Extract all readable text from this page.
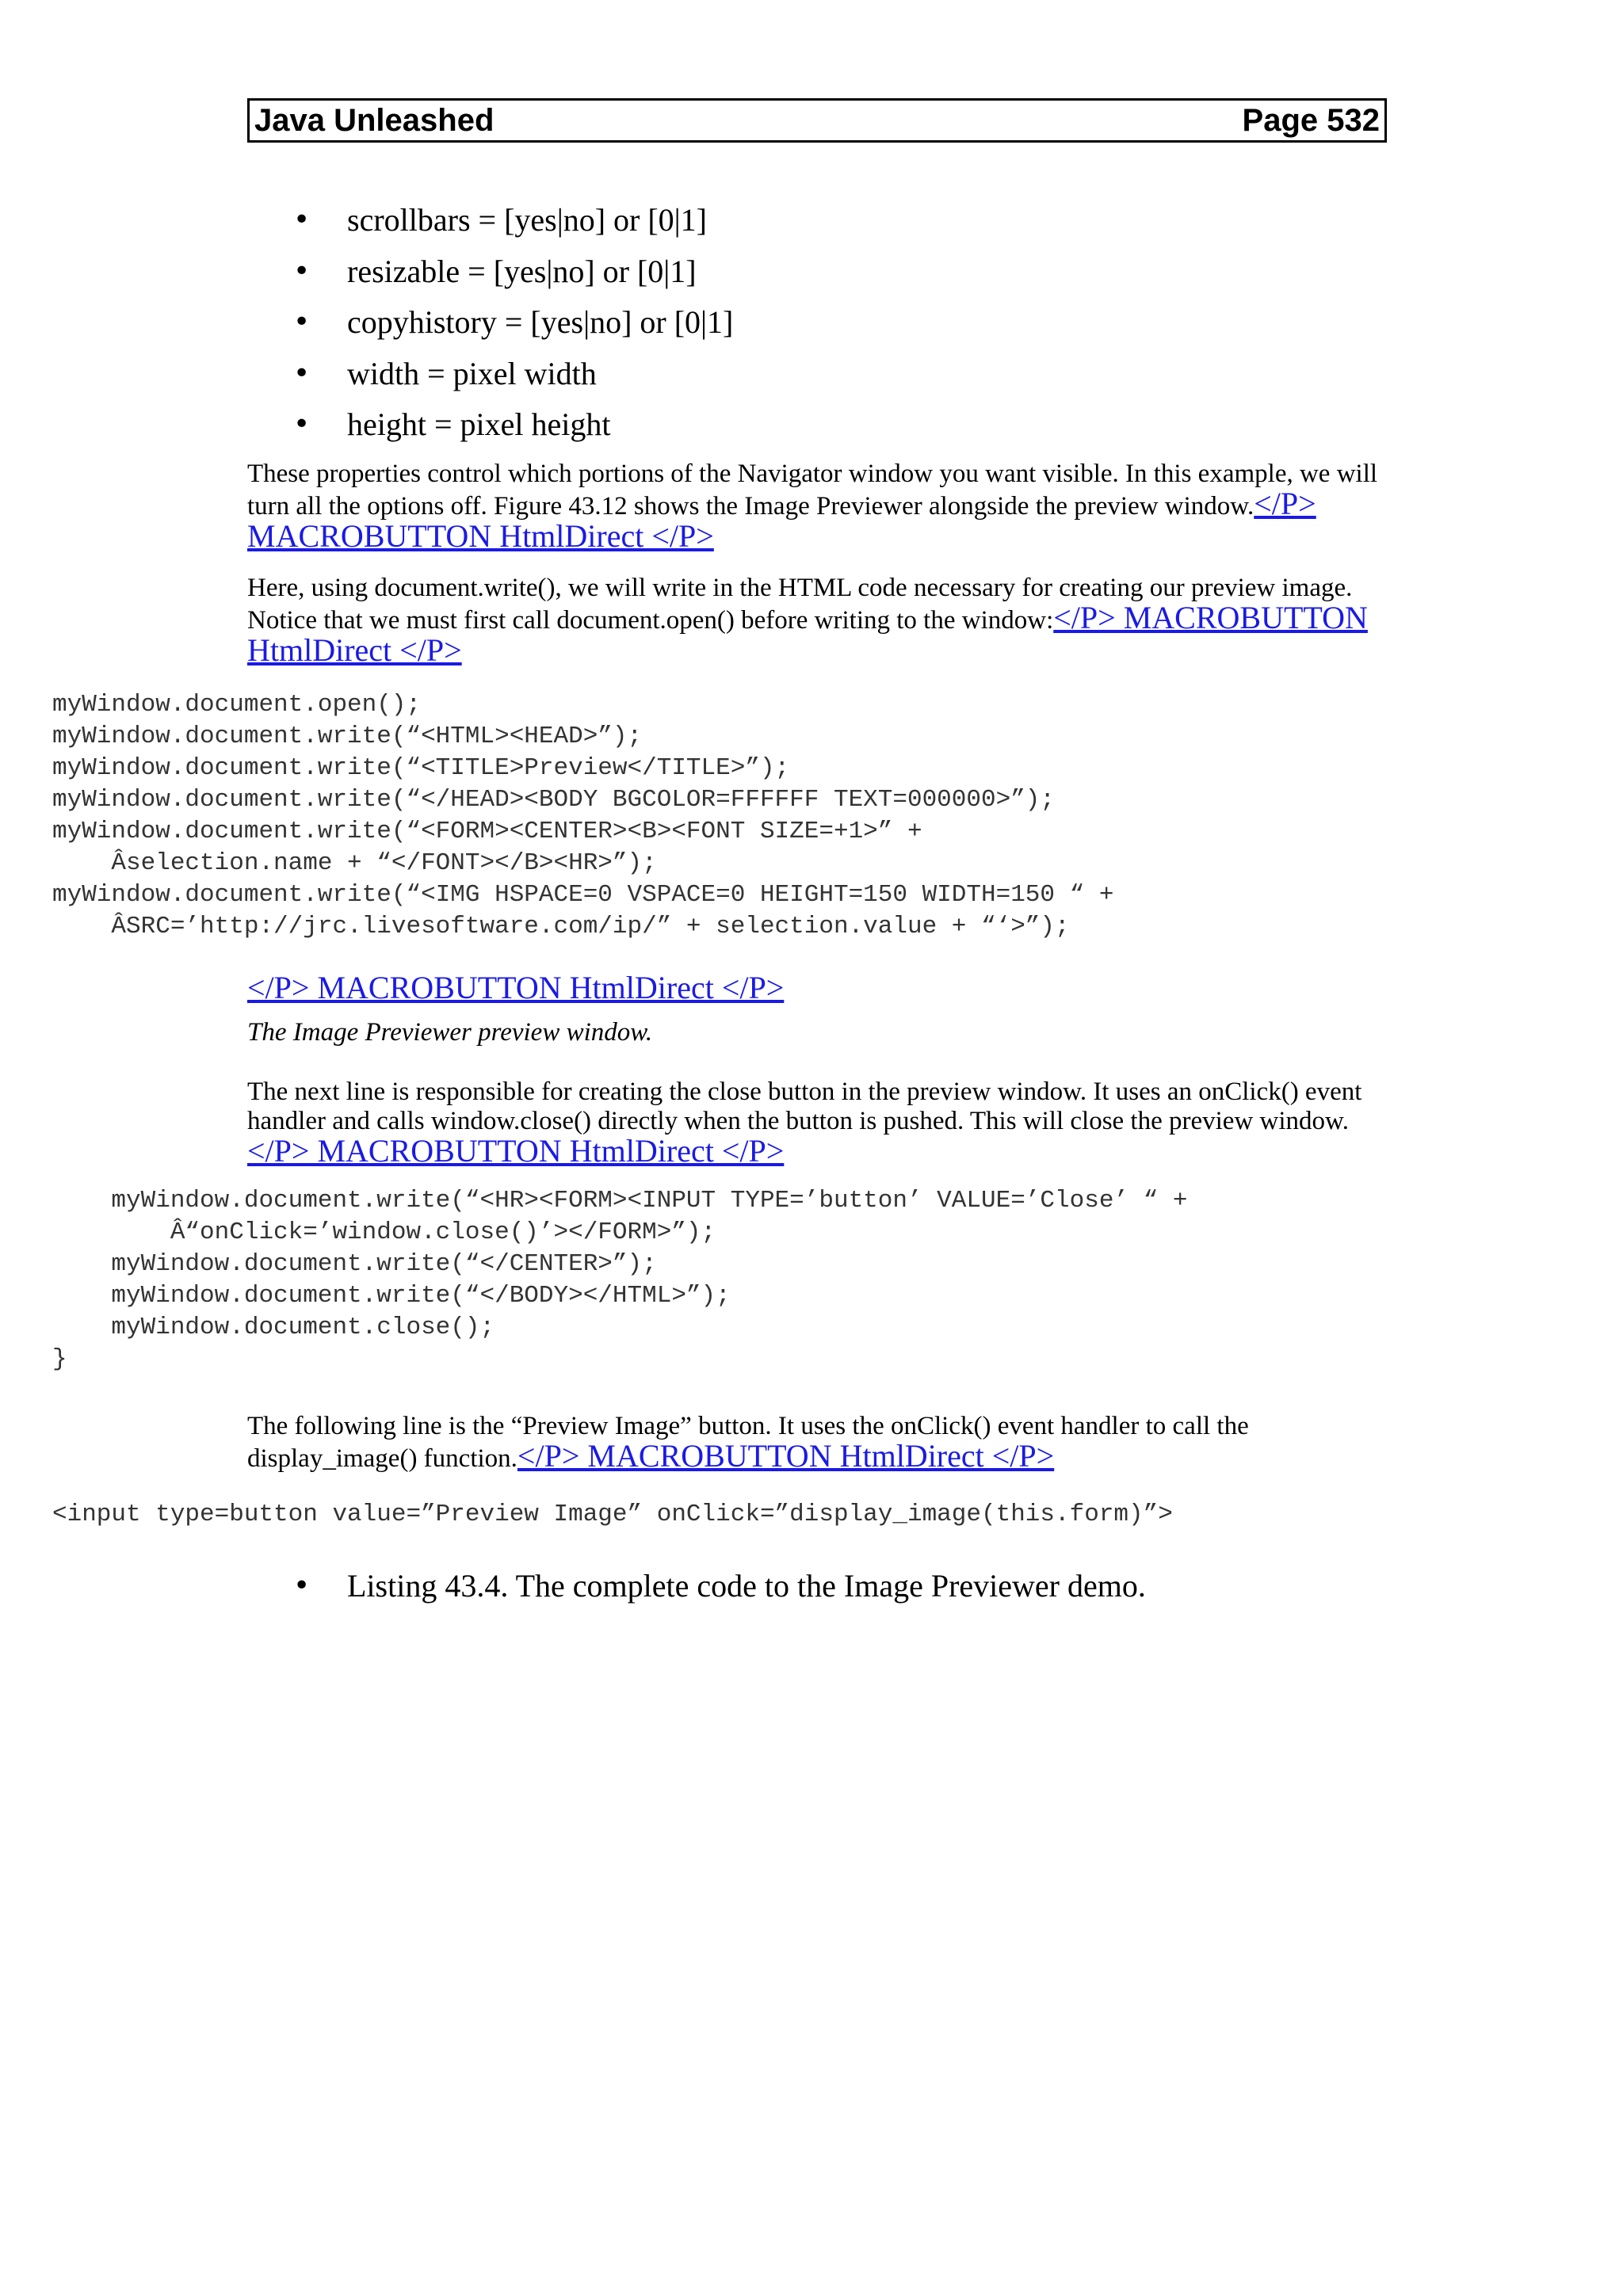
Java Unleashed	Page 532
• scrollbars = [yes|no] or [0|1]
• resizable = [yes|no] or [0|1]
• copyhistory = [yes|no] or [0|1]
• width = pixel width
• height = pixel height
These properties control which portions of the Navigator window you want visible. In this example, we will turn all the options off. Figure 43.12 shows the Image Previewer alongside the preview window.</P> MACROBUTTON HtmlDirect </P>
Here, using document.write(), we will write in the HTML code necessary for creating our preview image. Notice that we must first call document.open() before writing to the window:</P> MACROBUTTON HtmlDirect </P>
myWindow.document.open();
myWindow.document.write(“<HTML><HEAD>”);
myWindow.document.write(“<TITLE>Preview</TITLE>”);
myWindow.document.write(“</HEAD><BODY BGCOLOR=FFFFFF TEXT=000000>”);
myWindow.document.write(“<FORM><CENTER><B><FONT SIZE=+1>” +
Âselection.name + “</FONT></B><HR>”);
myWindow.document.write(“<IMG HSPACE=0 VSPACE=0 HEIGHT=150 WIDTH=150 “ +
ÂSRC=’http://jrc.livesoftware.com/ip/” + selection.value + “‘>”);
</P> MACROBUTTON HtmlDirect </P>
The Image Previewer preview window.
The next line is responsible for creating the close button in the preview window. It uses an onClick() event handler and calls window.close() directly when the button is pushed. This will close the preview window.</P> MACROBUTTON HtmlDirect </P>
myWindow.document.write(“<HR><FORM><INPUT TYPE=’button’ VALUE=’Close’ “ +
Â“onClick=’window.close()’></FORM>”);
myWindow.document.write(“</CENTER>”);
myWindow.document.write(“</BODY></HTML>”);
myWindow.document.close();
}
The following line is the “Preview Image” button. It uses the onClick() event handler to call the display_image() function.</P> MACROBUTTON HtmlDirect </P>
<input type=button value=”Preview Image” onClick=”display_image(this.form)”>
• Listing 43.4. The complete code to the Image Previewer demo.
